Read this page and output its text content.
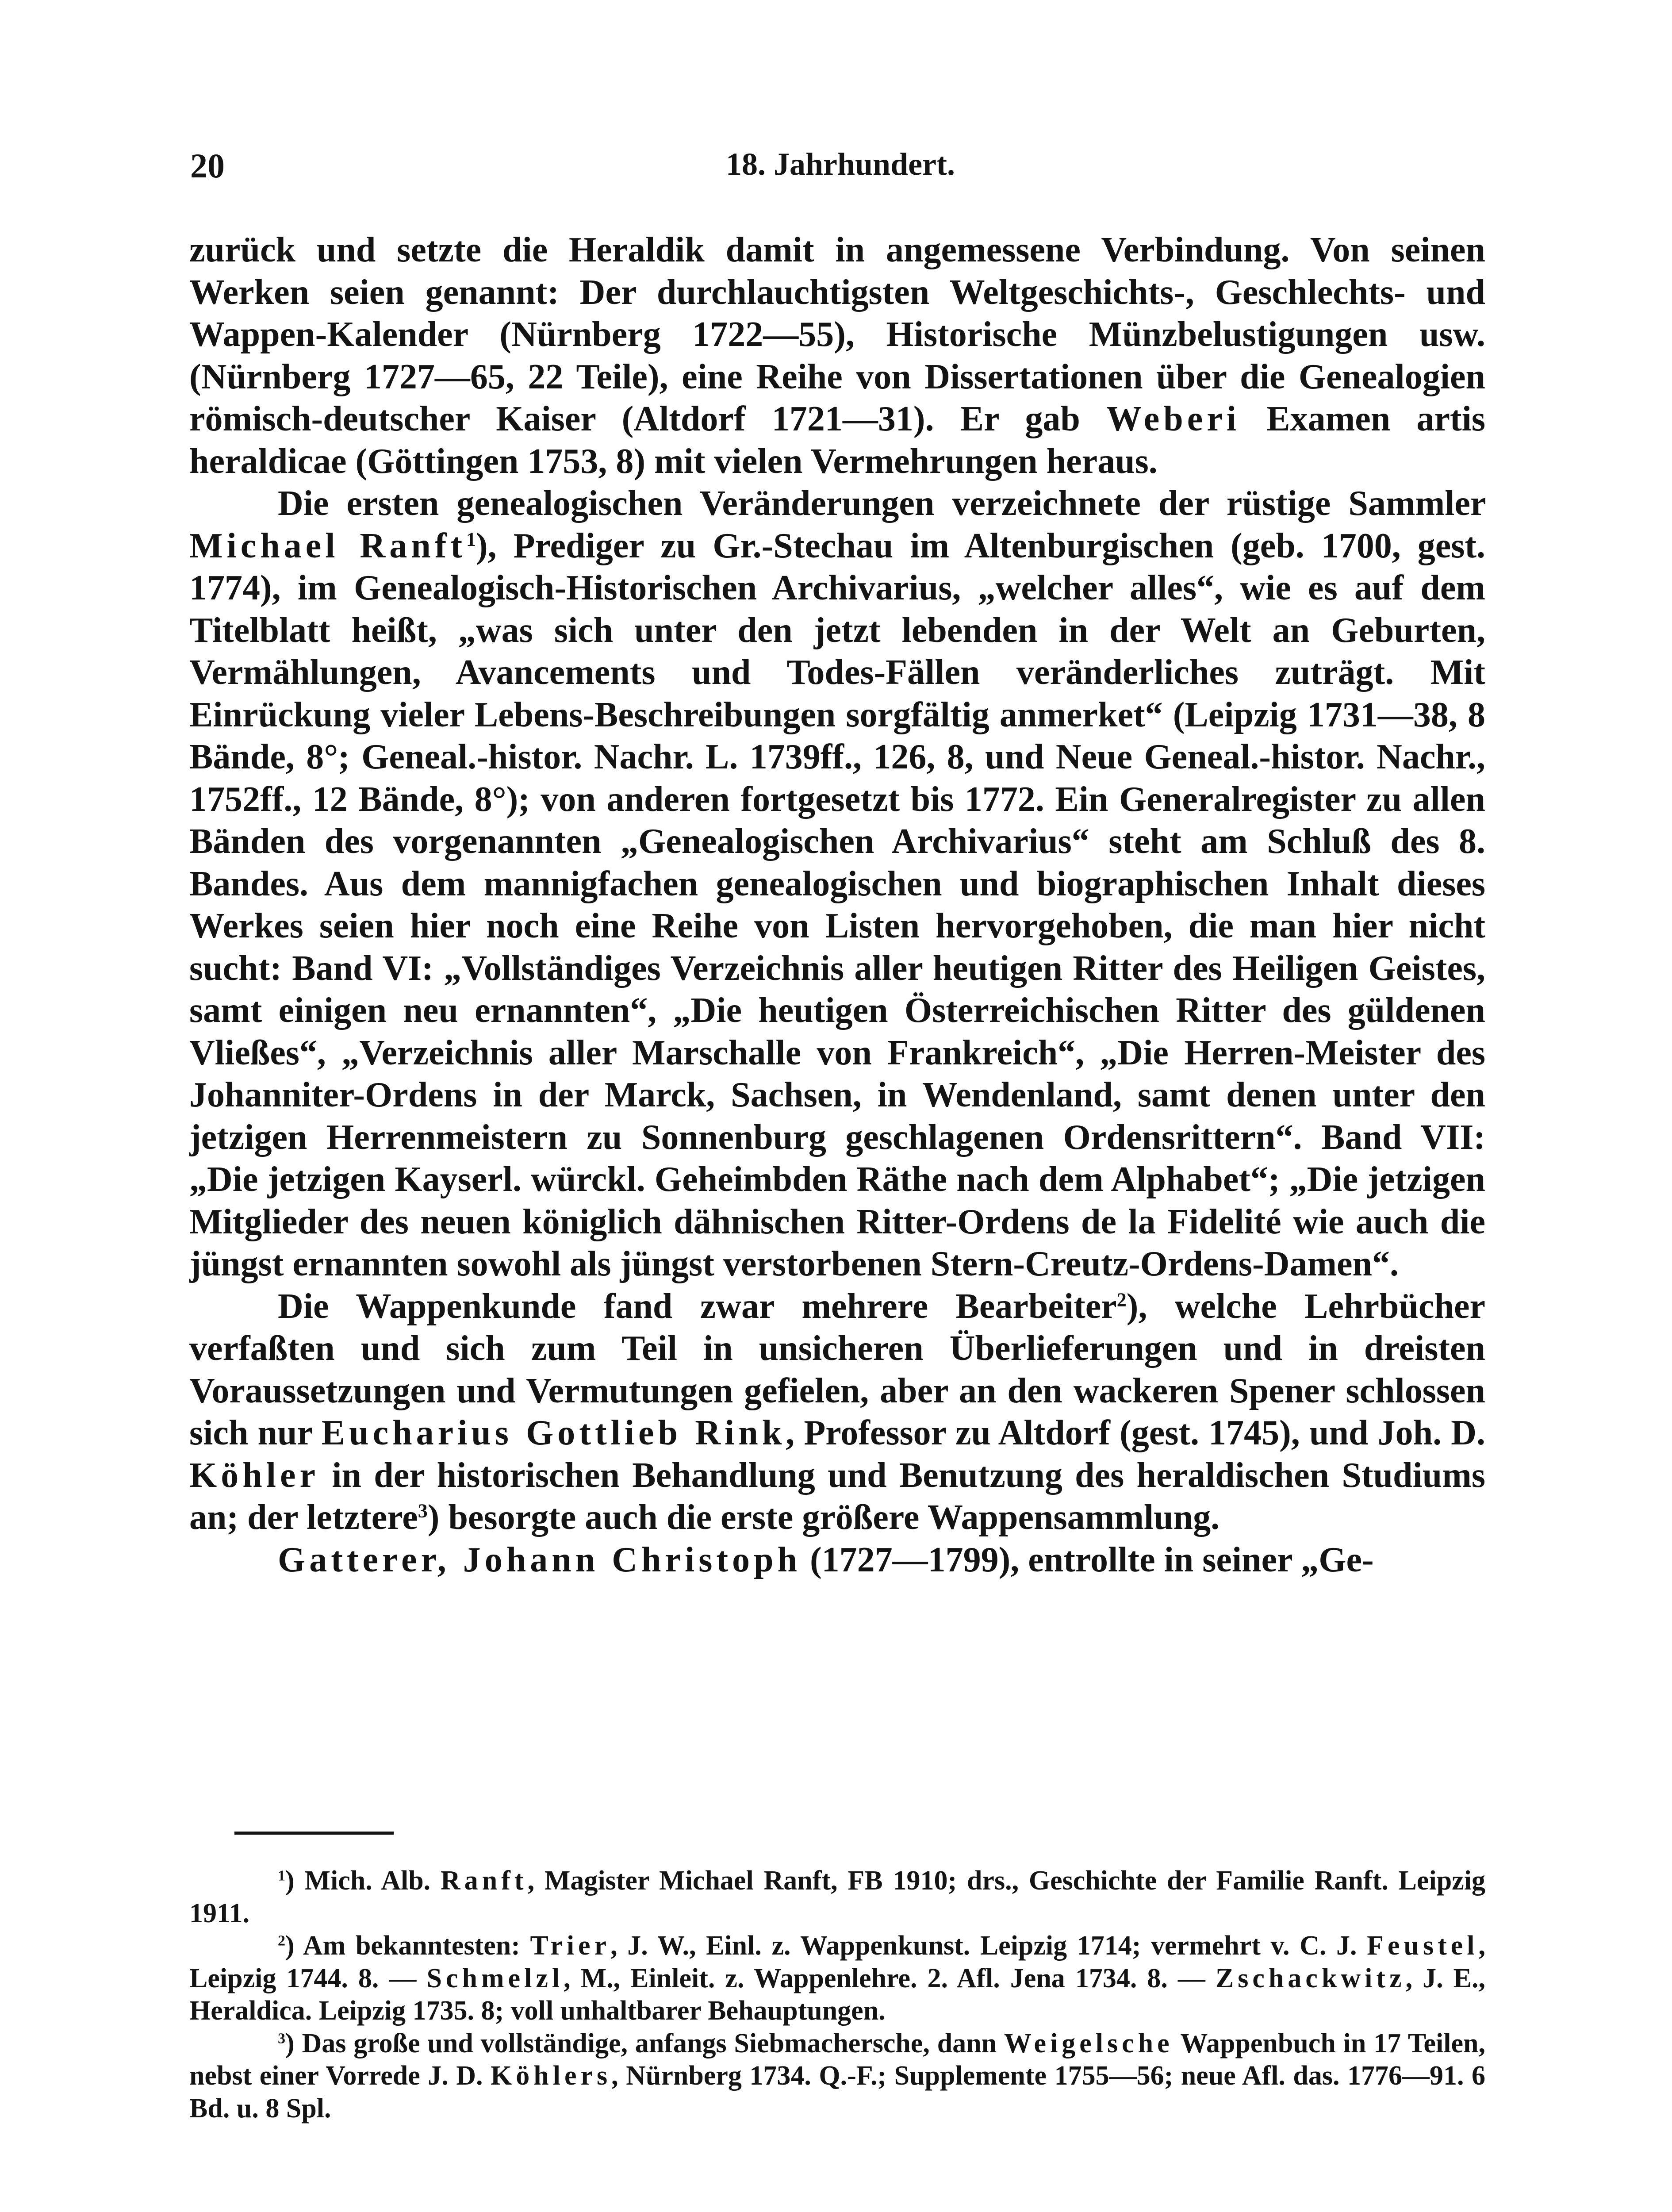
20	18. Jahrhundert.

zurück und setzte die Heraldik damit in angemessene Verbindung. Von seinen Werken seien genannt: Der durchlauchtigsten Weltgeschichts-, Geschlechts- und Wappen-Kalender (Nürnberg 1722—55), Historische Münzbelustigungen usw. (Nürnberg 1727—65, 22 Teile), eine Reihe von Dissertationen über die Genealogien römisch-deutscher Kaiser (Altdorf 1721—31). Er gab Weberi Examen artis heraldicae (Göttingen 1753, 8) mit vielen Vermehrungen heraus.

Die ersten genealogischen Veränderungen verzeichnete der rüstige Sammler Michael Ranft$^1$), Prediger zu Gr.-Stechau im Altenburgischen (geb. 1700, gest. 1774), im Genealogisch-Historischen Archivarius, „welcher alles“, wie es auf dem Titelblatt heißt, „was sich unter den jetzt lebenden in der Welt an Geburten, Vermählungen, Avancements und Todes-Fällen veränderliches zuträgt. Mit Einrückung vieler Lebens-Beschreibungen sorgfältig anmerket“ (Leipzig 1731—38, 8 Bände, 8°; Geneal.-histor. Nachr. L. 1739ff., 126, 8, und Neue Geneal.-histor. Nachr., 1752ff., 12 Bände, 8°); von anderen fortgesetzt bis 1772. Ein Generalregister zu allen Bänden des vorgenannten „Genealogischen Archivarius“ steht am Schluß des 8. Bandes. Aus dem mannigfachen genealogischen und biographischen Inhalt dieses Werkes seien hier noch eine Reihe von Listen hervorgehoben, die man hier nicht sucht: Band VI: „Vollständiges Verzeichnis aller heutigen Ritter des Heiligen Geistes, samt einigen neu ernannten“, „Die heutigen Österreichischen Ritter des güldenen Vließes“, „Verzeichnis aller Marschalle von Frankreich“, „Die Herren-Meister des Johanniter-Ordens in der Marck, Sachsen, in Wendenland, samt denen unter den jetzigen Herrenmeistern zu Sonnenburg geschlagenen Ordensrittern“. Band VII: „Die jetzigen Kayserl. würckl. Geheimbden Räthe nach dem Alphabet“; „Die jetzigen Mitglieder des neuen königlich dähnischen Ritter-Ordens de la Fidelité wie auch die jüngst ernannten sowohl als jüngst verstorbenen Stern-Creutz-Ordens-Damen“.

Die Wappenkunde fand zwar mehrere Bearbeiter$^2$), welche Lehrbücher verfaßten und sich zum Teil in unsicheren Überlieferungen und in dreisten Voraussetzungen und Vermutungen gefielen, aber an den wackeren Spener schlossen sich nur Eucharius Gottlieb Rink, Professor zu Altdorf (gest. 1745), und Joh. D. Köhler in der historischen Behandlung und Benutzung des heraldischen Studiums an; der letztere$^3$) besorgte auch die erste größere Wappensammlung.

Gatterer, Johann Christoph (1727—1799), entrollte in seiner „Ge-

$^1$) Mich. Alb. Ranft, Magister Michael Ranft, FB 1910; drs., Geschichte der Familie Ranft. Leipzig 1911.

$^2$) Am bekanntesten: Trier, J. W., Einl. z. Wappenkunst. Leipzig 1714; vermehrt v. C. J. Feustel, Leipzig 1744. 8. — Schmelzl, M., Einleit. z. Wappenlehre. 2. Afl. Jena 1734. 8. — Zschackwitz, J. E., Heraldica. Leipzig 1735. 8; voll unhaltbarer Behauptungen.

$^3$) Das große und vollständige, anfangs Siebmachersche, dann Weigelsche Wappenbuch in 17 Teilen, nebst einer Vorrede J. D. Köhlers, Nürnberg 1734. Q.-F.; Supplemente 1755—56; neue Afl. das. 1776—91. 6 Bd. u. 8 Spl.
